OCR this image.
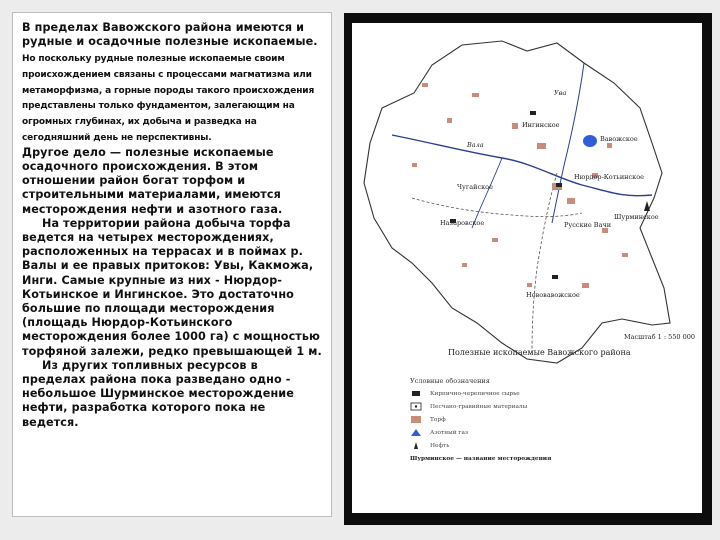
В пределах Вавожского района имеются и рудные и осадочные полезные ископаемые. Но поскольку рудные полезные ископаемые своим происхождением связаны с процессами магматизма или метаморфизма, а горные породы такого происхождения представлены только фундаментом, залегающим на огромных глубинах, их добыча и разведка на сегодняшний день не перспективны.

Другое дело — полезные ископаемые осадочного происхождения. В этом отношении район богат торфом и строительными материалами, имеются месторождения нефти и азотного газа.

На территории района добыча торфа ведется на четырех месторождениях, расположенных на террасах и в поймах р. Валы и ее правых притоков: Увы, Какможа, Инги. Самые крупные из них - Нюрдор-Котьинское и Ингинское. Это достаточно большие по площади месторождения (площадь Нюрдор-Котьинского месторождения более 1000 га) с мощностью торфяной залежи, редко превышающей 1 м.

Из других топливных ресурсов в пределах района пока разведано одно - небольшое Шурминское месторождение нефти, разработка которого пока не ведется.

Ингинское
Вавожское
Чугайское
Нюрдор-Котьинское
Шурминское
Назаровское	Русские Вачи
Нововавожское
Вала
Ува
Масштаб 1 : 550 000
Полезные ископаемые Вавожского района
Условные обозначения
Кирпично-черепичное сырье
Песчано-гравийные материалы
Торф
Азотный газ
Нефть
Шурминское — название месторождения
